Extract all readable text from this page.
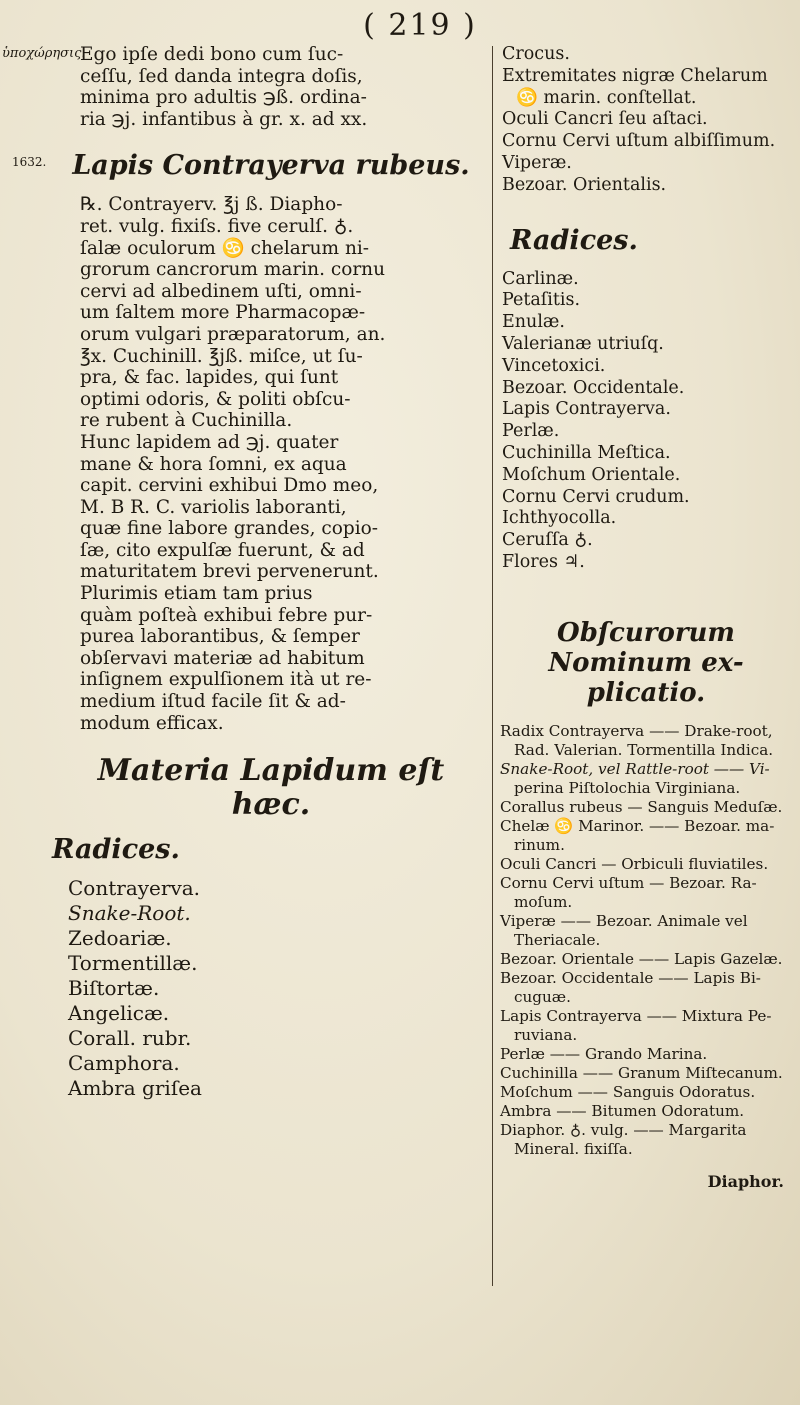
( 219 )
ὑποχώρησις.
1632.
Ego ipſe dedi bono cum ſuc-
ceſſu, ſed danda integra doſis,
minima pro adultis ℈ß. ordina-
ria ℈j. infantibus à gr. x. ad xx.
Lapis Contrayerva rubeus.
℞. Contrayerv. ℥j ß. Diapho-
ret. vulg. fixiſs. five cerulſ. ♁.
ſalæ oculorum ♋ chelarum ni-
grorum cancrorum marin. cornu
cervi ad albedinem uſti, omni-
um ſaltem more Pharmacopæ-
orum vulgari præparatorum, an.
℥x. Cuchinill. ℥jß. miſce, ut ſu-
pra, & fac. lapides, qui ſunt
optimi odoris, & politi obſcu-
re rubent à Cuchinilla.
Hunc lapidem ad ℈j. quater
mane & hora ſomni, ex aqua
capit. cervini exhibui Dmo meo,
M. B R. C. variolis laboranti,
quæ fine labore grandes, copio-
ſæ, cito expulſæ fuerunt, & ad
maturitatem brevi pervenerunt.
Plurimis etiam tam prius
quàm poſteà exhibui febre pur-
purea laborantibus, & ſemper
obſervavi materiæ ad habitum
inſignem expulſionem ità ut re-
medium iſtud facile ſit & ad-
modum efficax.
Materia Lapidum eſt hæc.
Radices.
Contrayerva.
Snake-Root.
Zedoariæ.
Tormentillæ.
Biſtortæ.
Angelicæ.
Corall. rubr.
Camphora.
Ambra griſea
Crocus.
Extremitates nigræ Chelarum
♋ marin. conſtellat.
Oculi Cancri ſeu aſtaci.
Cornu Cervi uſtum albiſſimum.
Viperæ.
Bezoar. Orientalis.
Radices.
Carlinæ.
Petaſitis.
Enulæ.
Valerianæ utriuſq.
Vincetoxici.
Bezoar. Occidentale.
Lapis Contrayerva.
Perlæ.
Cuchinilla Meſtica.
Moſchum Orientale.
Cornu Cervi crudum.
Ichthyocolla.
Ceruſſa ♁.
Flores ♃.
Obſcurorum Nominum ex-plicatio.
Radix Contrayerva —— Drake-root,
Rad. Valerian. Tormentilla Indica.
Snake-Root, vel Rattle-root —— Vi-
perina Piſtolochia Virginiana.
Corallus rubeus — Sanguis Meduſæ.
Chelæ ♋ Marinor. —— Bezoar. ma-
rinum.
Oculi Cancri — Orbiculi fluviatiles.
Cornu Cervi uſtum — Bezoar. Ra-
moſum.
Viperæ —— Bezoar. Animale vel
Theriacale.
Bezoar. Orientale —— Lapis Gazelæ.
Bezoar. Occidentale —— Lapis Bi-
cuguæ.
Lapis Contrayerva —— Mixtura Pe-
ruviana.
Perlæ —— Grando Marina.
Cuchinilla —— Granum Miſtecanum.
Moſchum —— Sanguis Odoratus.
Ambra —— Bitumen Odoratum.
Diaphor. ♁. vulg. —— Margarita
Mineral. fixiſſa.
Diaphor.
